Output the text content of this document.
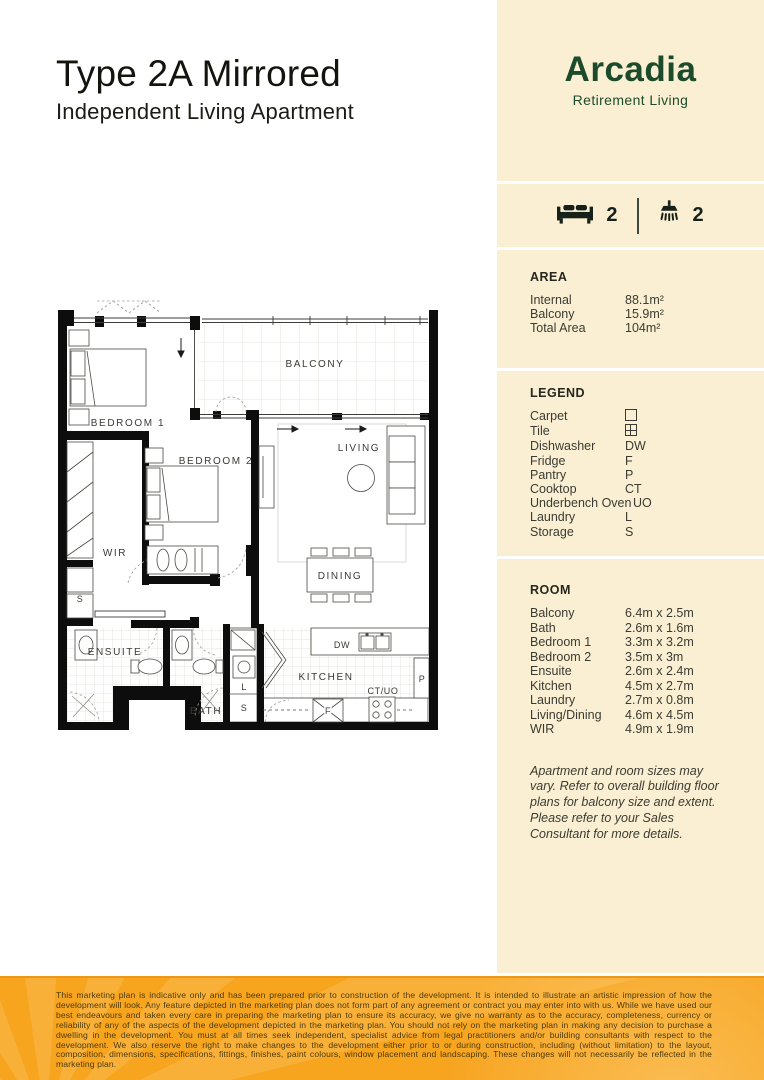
Type 2A Mirrored
Independent Living Apartment
BALCONY
BEDROOM 1
BEDROOM 2
LIVING
WIR
DINING
ENSUITE
BATH
KITCHEN
DW
CT/UO
F
P
L
S
S
Arcadia
Retirement Living
2	2
AREA
Internal	88.1m²
Balcony	15.9m²
Total Area	104m²
LEGEND
Carpet
Tile
Dishwasher	DW
Fridge	F
Pantry	P
Cooktop	CT
Underbench Oven UO
Laundry	L
Storage	S
ROOM
Balcony	6.4m x 2.5m
Bath	2.6m x 1.6m
Bedroom 1	3.3m x 3.2m
Bedroom 2	3.5m x 3m
Ensuite	2.6m x 2.4m
Kitchen	4.5m x 2.7m
Laundry	2.7m x 0.8m
Living/Dining	4.6m x 4.5m
WIR	4.9m x 1.9m
Apartment and room sizes may vary. Refer to overall building floor plans for balcony size and extent. Please refer to your Sales Consultant for more details.
This marketing plan is indicative only and has been prepared prior to construction of the development. It is intended to illustrate an artistic impression of how the development will look. Any feature depicted in the marketing plan does not form part of any agreement or contract you may enter into with us. While we have used our best endeavours and taken every care in preparing the marketing plan to ensure its accuracy, we give no warranty as to the accuracy, completeness, currency or reliability of any of the aspects of the development depicted in the marketing plan. You should not rely on the marketing plan in making any decision to purchase a dwelling in the development. You must at all times seek independent, specialist advice from legal practitioners and/or building consultants with respect to the development. We also reserve the right to make changes to the development either prior to or during construction, including (without limitation) to the layout, composition, dimensions, specifications, fittings, finishes, paint colours, window placement and landscaping. These changes will not necessarily be reflected in the marketing plan.
